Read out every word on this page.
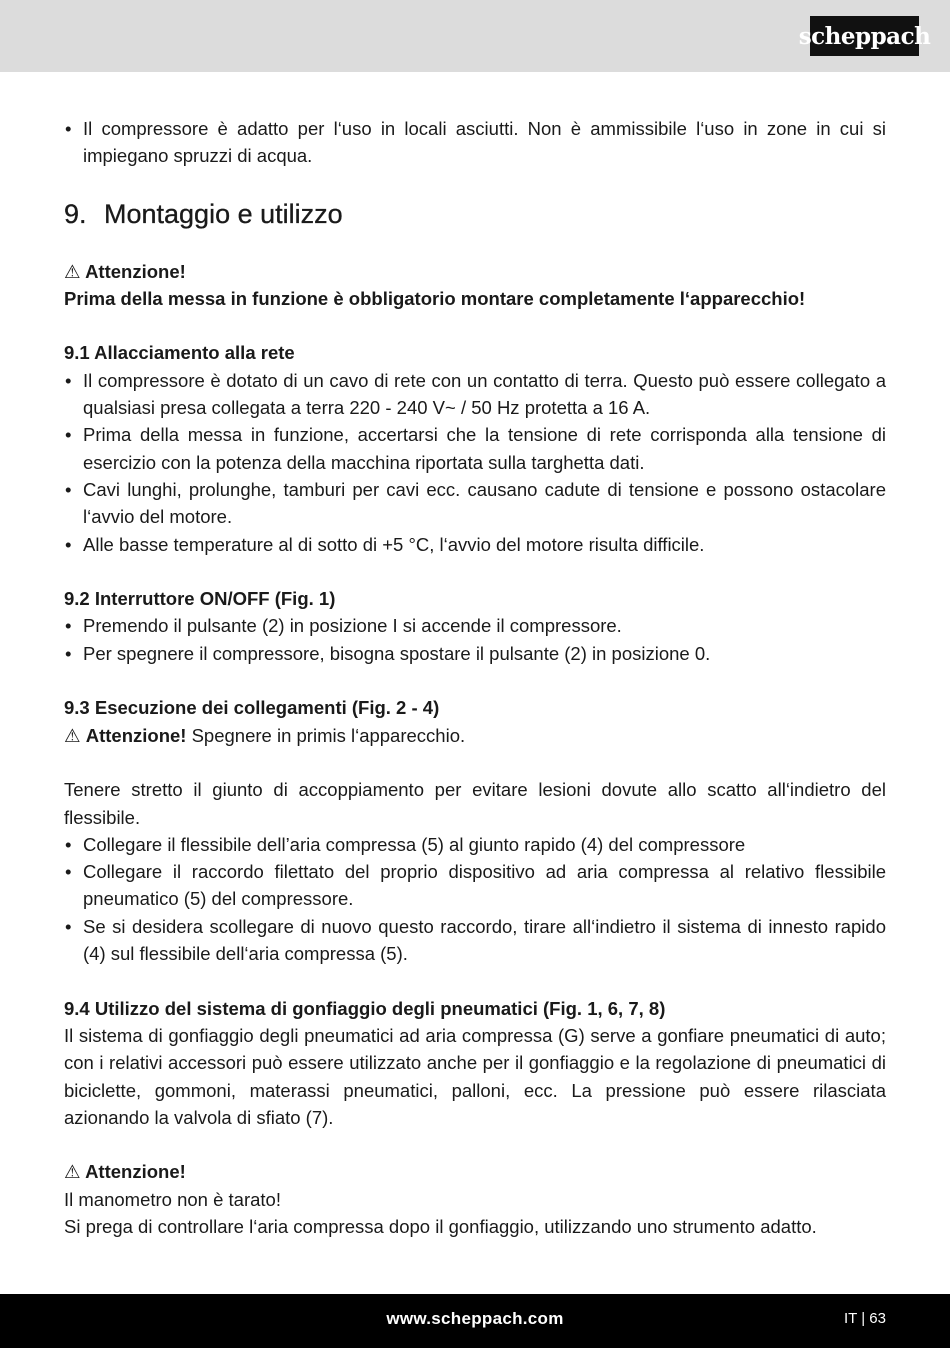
scheppach
• Il compressore è adatto per l‘uso in locali asciutti. Non è ammissibile l‘uso in zone in cui si impiegano spruzzi di acqua.
9. Montaggio e utilizzo

⚠ Attenzione!

Prima della messa in funzione è obbligatorio montare completamente l‘apparecchio!

9.1 Allacciamento alla rete

• Il compressore è dotato di un cavo di rete con un contatto di terra. Questo può essere collegato a qualsiasi presa collegata a terra 220 - 240 V~ / 50 Hz protetta a 16 A.
• Prima della messa in funzione, accertarsi che la tensione di rete corrisponda alla tensione di esercizio con la potenza della macchina riportata sulla targhetta dati.
• Cavi lunghi, prolunghe, tamburi per cavi ecc. causano cadute di tensione e possono ostacolare l‘avvio del motore.
• Alle basse temperature al di sotto di +5 °C, l‘avvio del motore risulta difficile.

9.2 Interruttore ON/OFF (Fig. 1)

• Premendo il pulsante (2) in posizione I si accende il compressore.
• Per spegnere il compressore, bisogna spostare il pulsante (2) in posizione 0.

9.3 Esecuzione dei collegamenti (Fig. 2 - 4)

⚠ Attenzione! Spegnere in primis l‘apparecchio.

Tenere stretto il giunto di accoppiamento per evitare lesioni dovute allo scatto all‘indietro del flessibile.

• Collegare il flessibile dell’aria compressa (5) al giunto rapido (4) del compressore
• Collegare il raccordo filettato del proprio dispositivo ad aria compressa al relativo flessibile pneumatico (5) del compressore.
• Se si desidera scollegare di nuovo questo raccordo, tirare all‘indietro il sistema di innesto rapido (4) sul flessibile dell‘aria compressa (5).

9.4 Utilizzo del sistema di gonfiaggio degli pneumatici (Fig. 1, 6, 7, 8)

Il sistema di gonfiaggio degli pneumatici ad aria compressa (G) serve a gonfiare pneumatici di auto; con i relativi accessori può essere utilizzato anche per il gonfiaggio e la regolazione di pneumatici di biciclette, gommoni, materassi pneumatici, palloni, ecc. La pressione può essere rilasciata azionando la valvola di sfiato (7).

⚠ Attenzione!

Il manometro non è tarato!

Si prega di controllare l‘aria compressa dopo il gonfiaggio, utilizzando uno strumento adatto.

www.scheppach.com	IT | 63
